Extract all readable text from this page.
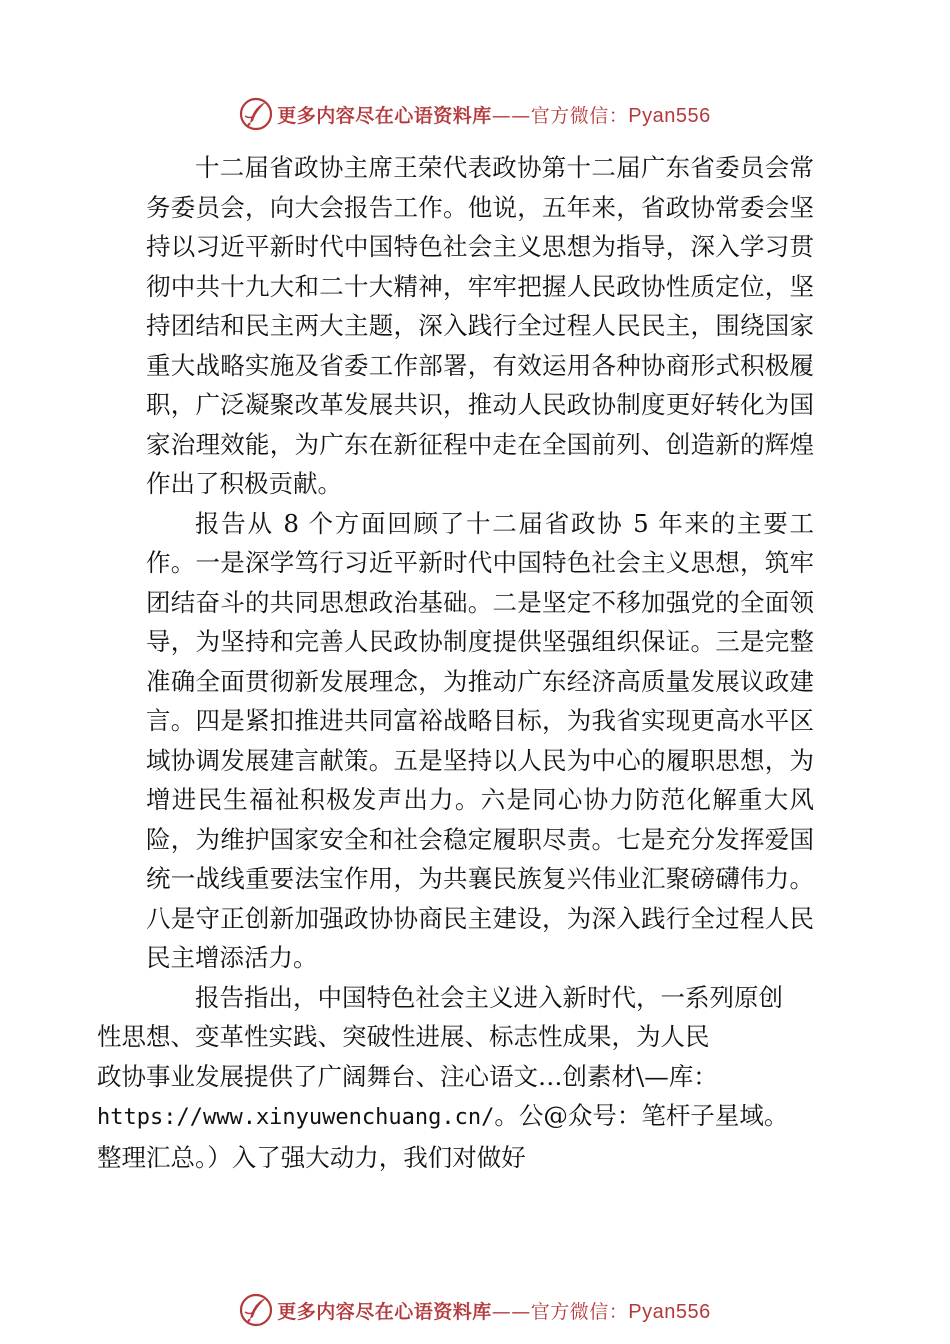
更多内容尽在心语资料库——官方微信：Pyan556

十二届省政协主席王荣代表政协第十二届广东省委员会常务委员会，向大会报告工作。他说，五年来，省政协常委会坚持以习近平新时代中国特色社会主义思想为指导，深入学习贯彻中共十九大和二十大精神，牢牢把握人民政协性质定位，坚持团结和民主两大主题，深入践行全过程人民民主，围绕国家重大战略实施及省委工作部署，有效运用各种协商形式积极履职，广泛凝聚改革发展共识，推动人民政协制度更好转化为国家治理效能，为广东在新征程中走在全国前列、创造新的辉煌作出了积极贡献。

报告从 8 个方面回顾了十二届省政协 5 年来的主要工作。一是深学笃行习近平新时代中国特色社会主义思想，筑牢团结奋斗的共同思想政治基础。二是坚定不移加强党的全面领导，为坚持和完善人民政协制度提供坚强组织保证。三是完整准确全面贯彻新发展理念，为推动广东经济高质量发展议政建言。四是紧扣推进共同富裕战略目标，为我省实现更高水平区域协调发展建言献策。五是坚持以人民为中心的履职思想，为增进民生福祉积极发声出力。六是同心协力防范化解重大风险，为维护国家安全和社会稳定履职尽责。七是充分发挥爱国统一战线重要法宝作用，为共襄民族复兴伟业汇聚磅礴伟力。八是守正创新加强政协协商民主建设，为深入践行全过程人民民主增添活力。

报告指出，中国特色社会主义进入新时代，一系列原创
性思想、变革性实践、突破性进展、标志性成果，为人民
政协事业发展提供了广阔舞台、注心语文…创素材\—库：
https://www.xinyuwenchuang.cn/。公@众号：笔杆子星域。
整理汇总。）入了强大动力，我们对做好

更多内容尽在心语资料库——官方微信：Pyan556
